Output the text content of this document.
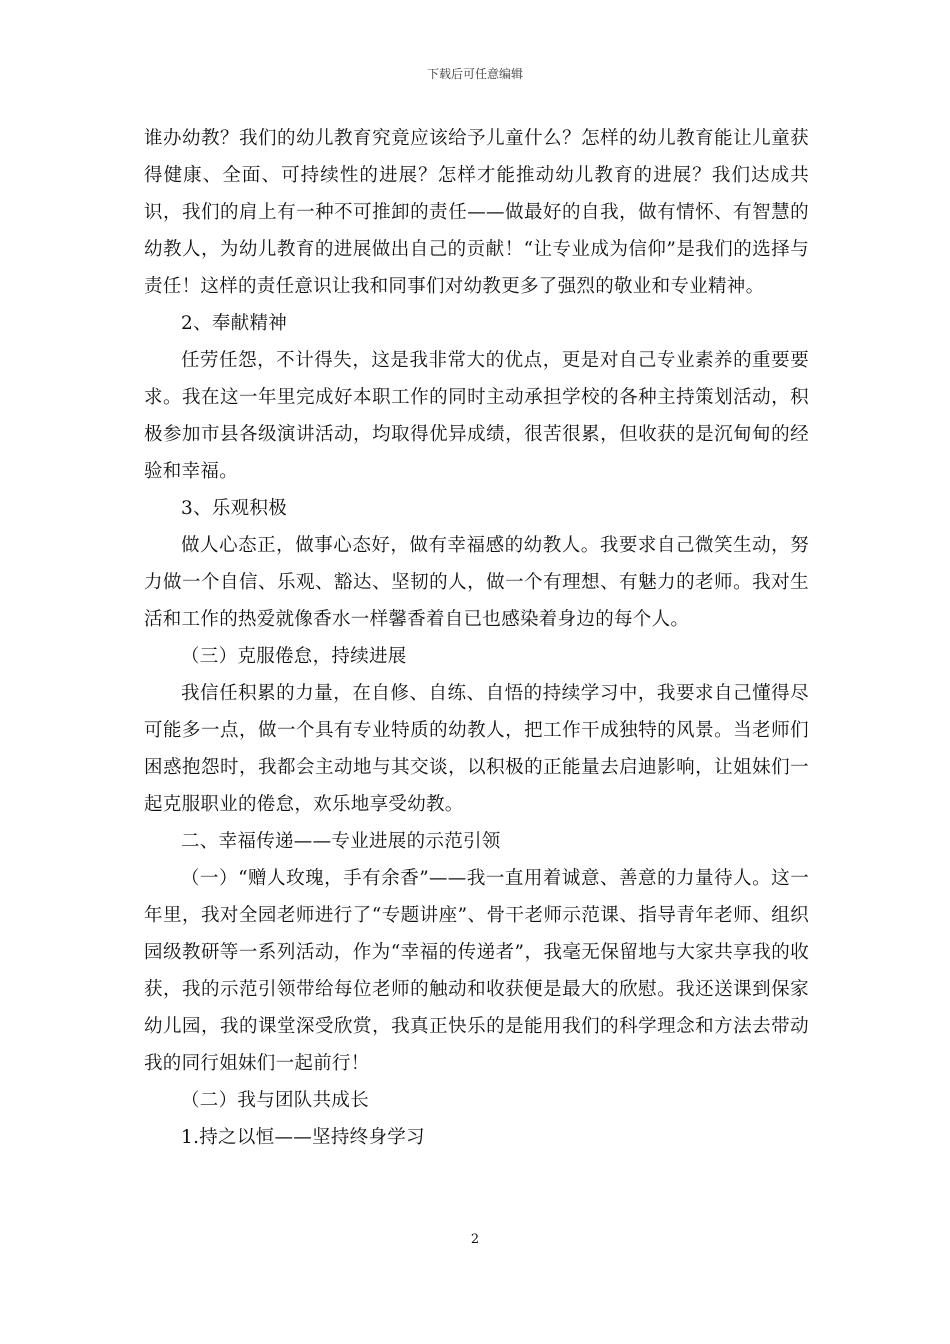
下载后可任意编辑

谁办幼教？我们的幼儿教育究竟应该给予儿童什么？怎样的幼儿教育能让儿童获得健康、全面、可持续性的进展？怎样才能推动幼儿教育的进展？我们达成共识，我们的肩上有一种不可推卸的责任——做最好的自我，做有情怀、有智慧的幼教人，为幼儿教育的进展做出自己的贡献！“让专业成为信仰”是我们的选择与责任！这样的责任意识让我和同事们对幼教更多了强烈的敬业和专业精神。

2、奉献精神

任劳任怨，不计得失，这是我非常大的优点，更是对自己专业素养的重要要求。我在这一年里完成好本职工作的同时主动承担学校的各种主持策划活动，积极参加市县各级演讲活动，均取得优异成绩，很苦很累，但收获的是沉甸甸的经验和幸福。

3、乐观积极

做人心态正，做事心态好，做有幸福感的幼教人。我要求自己微笑生动，努力做一个自信、乐观、豁达、坚韧的人，做一个有理想、有魅力的老师。我对生活和工作的热爱就像香水一样馨香着自已也感染着身边的每个人。

（三）克服倦怠，持续进展

我信任积累的力量，在自修、自练、自悟的持续学习中，我要求自己懂得尽可能多一点，做一个具有专业特质的幼教人，把工作干成独特的风景。当老师们困惑抱怨时，我都会主动地与其交谈，以积极的正能量去启迪影响，让姐妹们一起克服职业的倦怠，欢乐地享受幼教。

二、幸福传递——专业进展的示范引领

（一）“赠人玫瑰，手有余香”——我一直用着诚意、善意的力量待人。这一年里，我对全园老师进行了“专题讲座”、骨干老师示范课、指导青年老师、组织园级教研等一系列活动，作为“幸福的传递者”，我毫无保留地与大家共享我的收获，我的示范引领带给每位老师的触动和收获便是最大的欣慰。我还送课到保家幼儿园，我的课堂深受欣赏，我真正快乐的是能用我们的科学理念和方法去带动我的同行姐妹们一起前行！

（二）我与团队共成长

1.持之以恒——坚持终身学习

2
